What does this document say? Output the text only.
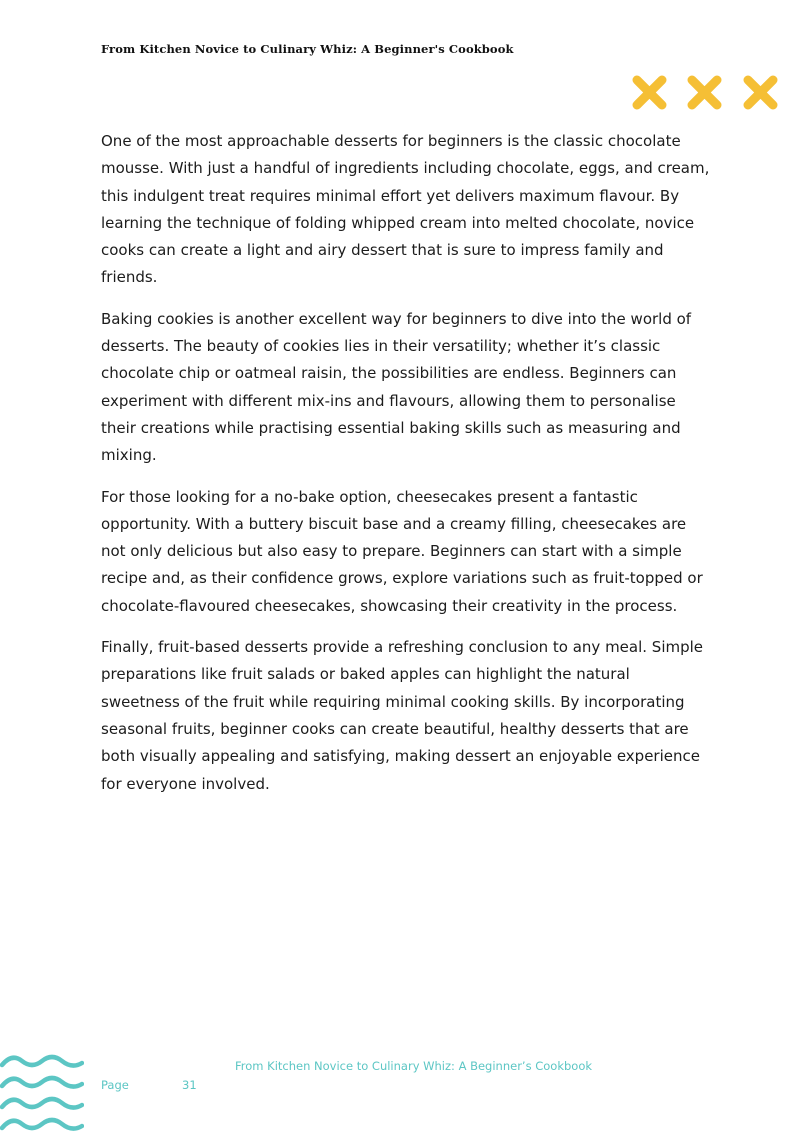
From Kitchen Novice to Culinary Whiz: A Beginner's Cookbook

One of the most approachable desserts for beginners is the classic chocolate mousse. With just a handful of ingredients including chocolate, eggs, and cream, this indulgent treat requires minimal effort yet delivers maximum flavour. By learning the technique of folding whipped cream into melted chocolate, novice cooks can create a light and airy dessert that is sure to impress family and friends.

Baking cookies is another excellent way for beginners to dive into the world of desserts. The beauty of cookies lies in their versatility; whether it’s classic chocolate chip or oatmeal raisin, the possibilities are endless. Beginners can experiment with different mix-ins and flavours, allowing them to personalise their creations while practising essential baking skills such as measuring and mixing.

For those looking for a no-bake option, cheesecakes present a fantastic opportunity. With a buttery biscuit base and a creamy filling, cheesecakes are not only delicious but also easy to prepare. Beginners can start with a simple recipe and, as their confidence grows, explore variations such as fruit-topped or chocolate-flavoured cheesecakes, showcasing their creativity in the process.

Finally, fruit-based desserts provide a refreshing conclusion to any meal. Simple preparations like fruit salads or baked apples can highlight the natural sweetness of the fruit while requiring minimal cooking skills. By incorporating seasonal fruits, beginner cooks can create beautiful, healthy desserts that are both visually appealing and satisfying, making dessert an enjoyable experience for everyone involved.

From Kitchen Novice to Culinary Whiz: A Beginner’s Cookbook
Page	31
